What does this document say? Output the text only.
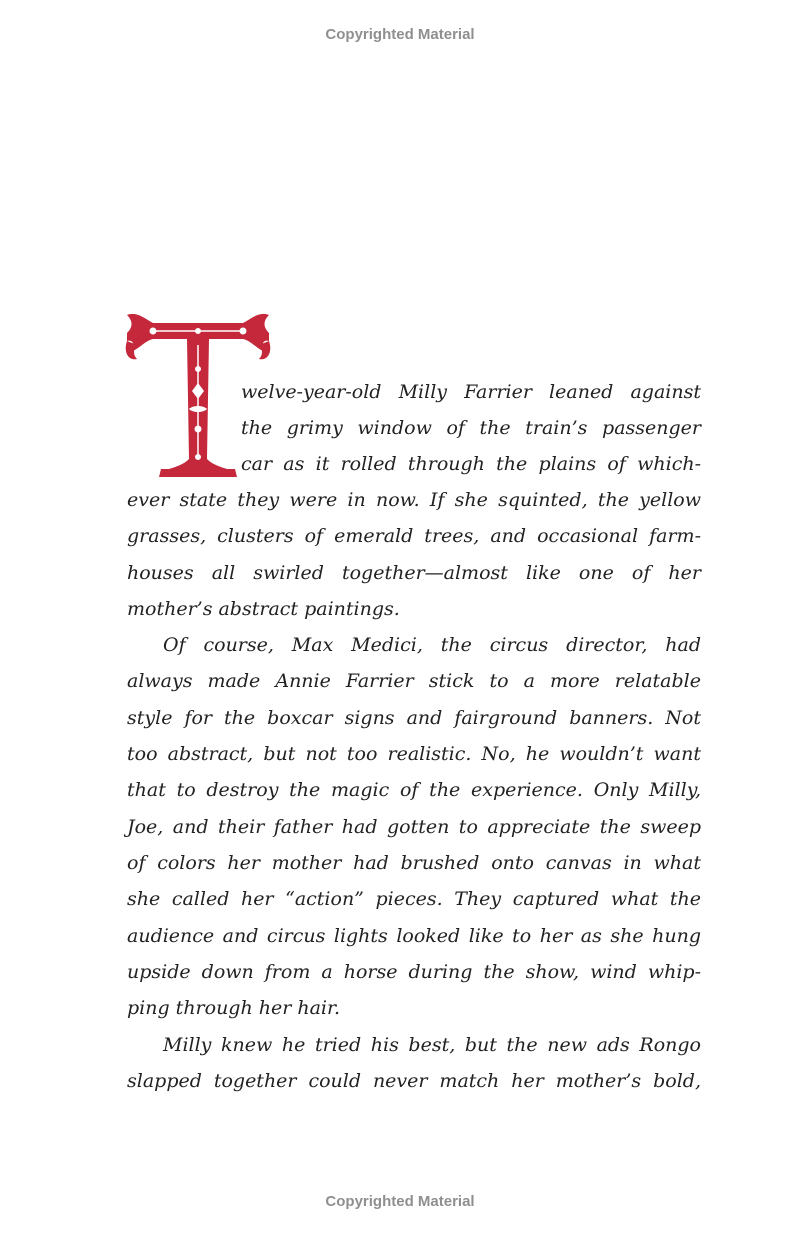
Copyrighted Material
welve-year-old Milly Farrier leaned against
the grimy window of the train’s passenger
car as it rolled through the plains of which-
ever state they were in now. If she squinted, the yellow
grasses, clusters of emerald trees, and occasional farm-
houses all swirled together—almost like one of her
mother’s abstract paintings.
Of course, Max Medici, the circus director, had
always made Annie Farrier stick to a more relatable
style for the boxcar signs and fairground banners. Not
too abstract, but not too realistic. No, he wouldn’t want
that to destroy the magic of the experience. Only Milly,
Joe, and their father had gotten to appreciate the sweep
of colors her mother had brushed onto canvas in what
she called her “action” pieces. They captured what the
audience and circus lights looked like to her as she hung
upside down from a horse during the show, wind whip-
ping through her hair.
Milly knew he tried his best, but the new ads Rongo
slapped together could never match her mother’s bold,
Copyrighted Material
